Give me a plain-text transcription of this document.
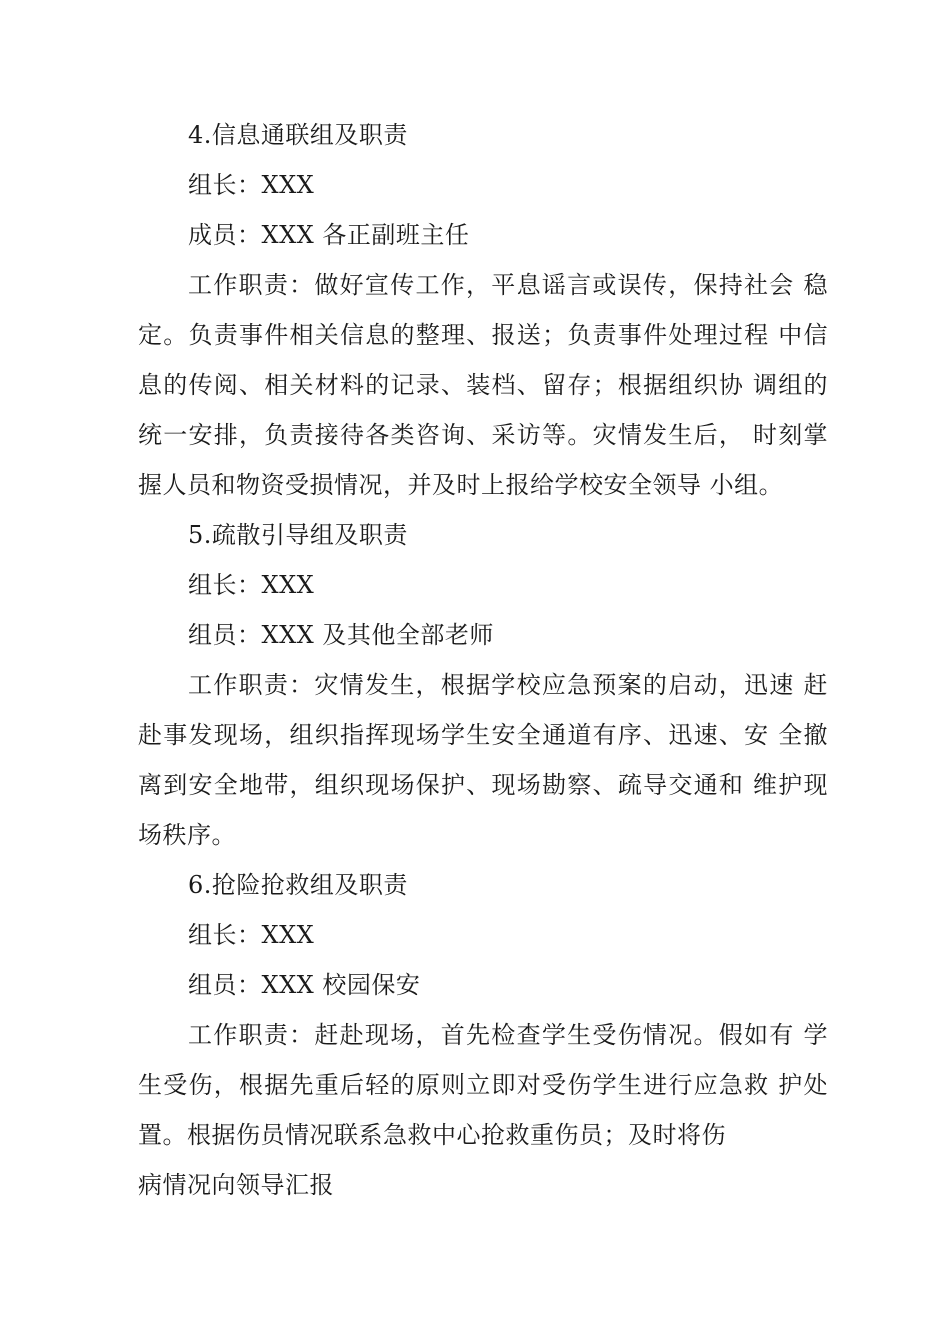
4.信息通联组及职责
组长：XXX
成员：XXX 各正副班主任
工作职责：做好宣传工作，平息谣言或误传，保持社会 稳
定。负责事件相关信息的整理、报送；负责事件处理过程 中信
息的传阅、相关材料的记录、装档、留存；根据组织协 调组的
统一安排，负责接待各类咨询、采访等。灾情发生后， 时刻掌
握人员和物资受损情况，并及时上报给学校安全领导 小组。
5.疏散引导组及职责
组长：XXX
组员：XXX 及其他全部老师
工作职责：灾情发生，根据学校应急预案的启动，迅速 赶
赴事发现场，组织指挥现场学生安全通道有序、迅速、安 全撤
离到安全地带，组织现场保护、现场勘察、疏导交通和 维护现
场秩序。
6.抢险抢救组及职责
组长：XXX
组员：XXX 校园保安
工作职责：赶赴现场，首先检查学生受伤情况。假如有 学
生受伤，根据先重后轻的原则立即对受伤学生进行应急救 护处
置。根据伤员情况联系急救中心抢救重伤员；及时将伤
病情况向领导汇报
